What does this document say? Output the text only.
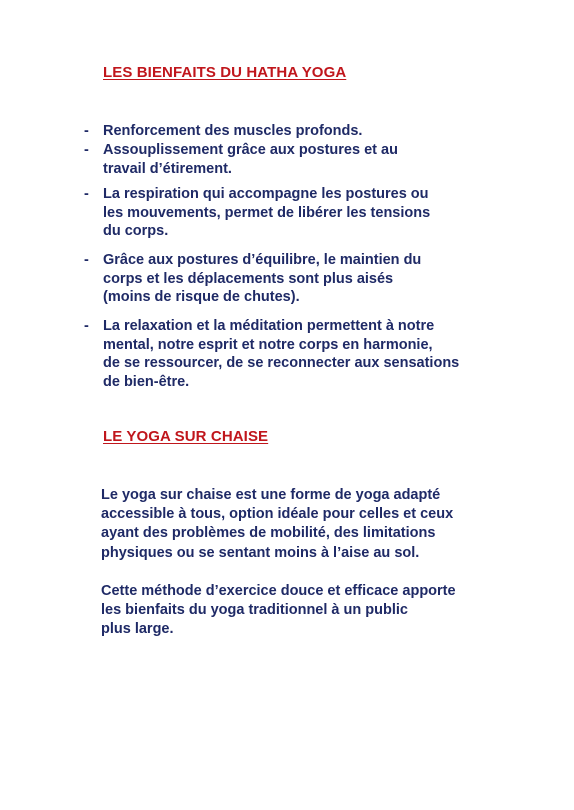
LES BIENFAITS DU HATHA YOGA
- Renforcement des muscles profonds.
- Assouplissement grâce aux postures et au
travail d’étirement.
- La respiration qui accompagne les postures ou
les mouvements, permet de libérer les tensions
du corps.
- Grâce aux postures d’équilibre, le maintien du
corps et les déplacements sont plus aisés
(moins de risque de chutes).
- La relaxation et la méditation permettent à notre
mental, notre esprit et notre corps en harmonie,
de se ressourcer, de se reconnecter aux sensations
de bien-être.
LE YOGA SUR CHAISE
Le yoga sur chaise est une forme de yoga adapté
accessible à tous, option idéale pour celles et ceux
ayant des problèmes de mobilité, des limitations
physiques ou se sentant moins à l’aise au sol.
Cette méthode d’exercice douce et efficace apporte
les bienfaits du yoga traditionnel à un public
plus large.
